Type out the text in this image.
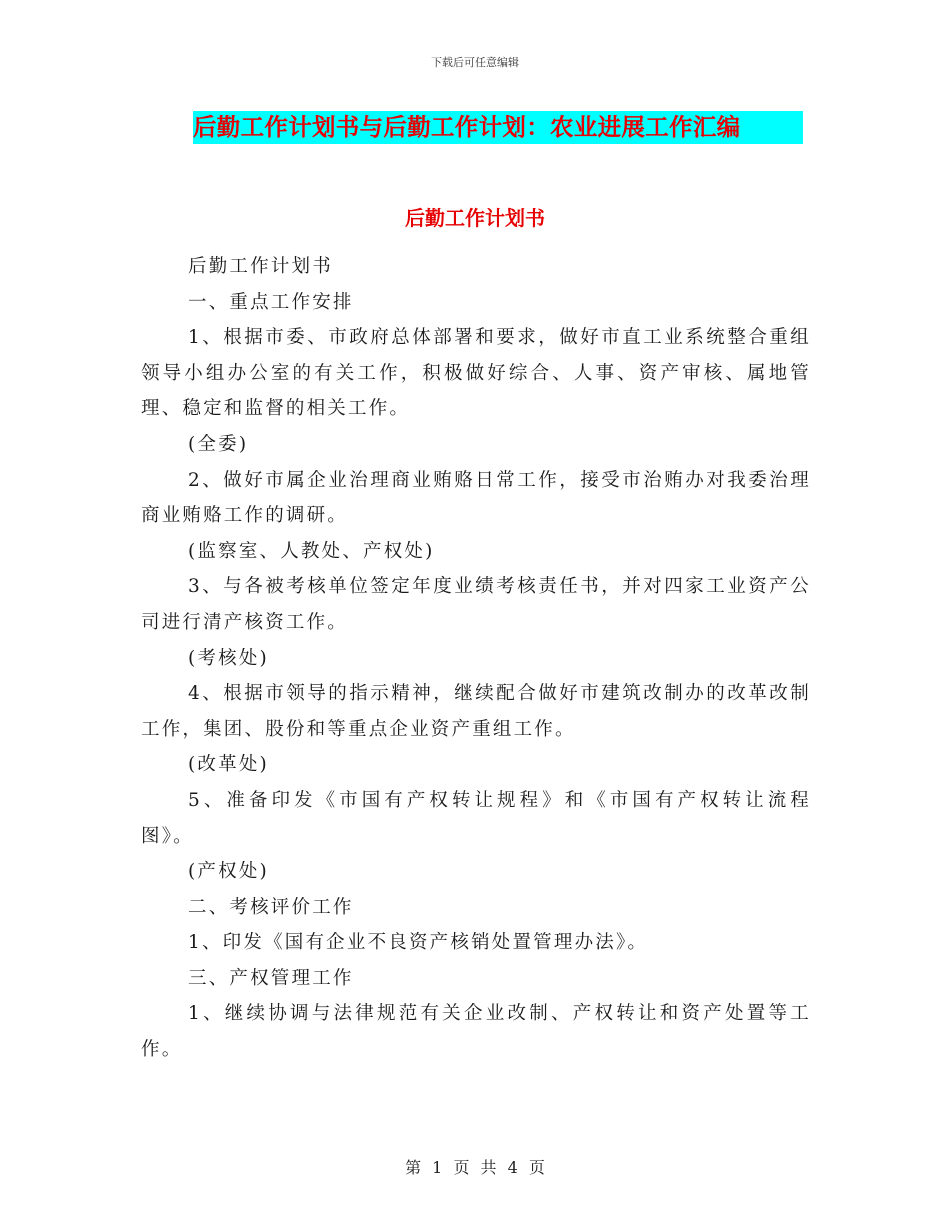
下载后可任意编辑
后勤工作计划书与后勤工作计划：农业进展工作汇编
后勤工作计划书

后勤工作计划书

一、重点工作安排

1、根据市委、市政府总体部署和要求，做好市直工业系统整合重组领导小组办公室的有关工作，积极做好综合、人事、资产审核、属地管理、稳定和监督的相关工作。

(全委)

2、做好市属企业治理商业贿赂日常工作，接受市治贿办对我委治理商业贿赂工作的调研。

(监察室、人教处、产权处)

3、与各被考核单位签定年度业绩考核责任书，并对四家工业资产公司进行清产核资工作。

(考核处)

4、根据市领导的指示精神，继续配合做好市建筑改制办的改革改制工作，集团、股份和等重点企业资产重组工作。

(改革处)

5、准备印发《市国有产权转让规程》和《市国有产权转让流程图》。

(产权处)

二、考核评价工作

1、印发《国有企业不良资产核销处置管理办法》。

三、产权管理工作

1、继续协调与法律规范有关企业改制、产权转让和资产处置等工作。

第 1 页 共 4 页
